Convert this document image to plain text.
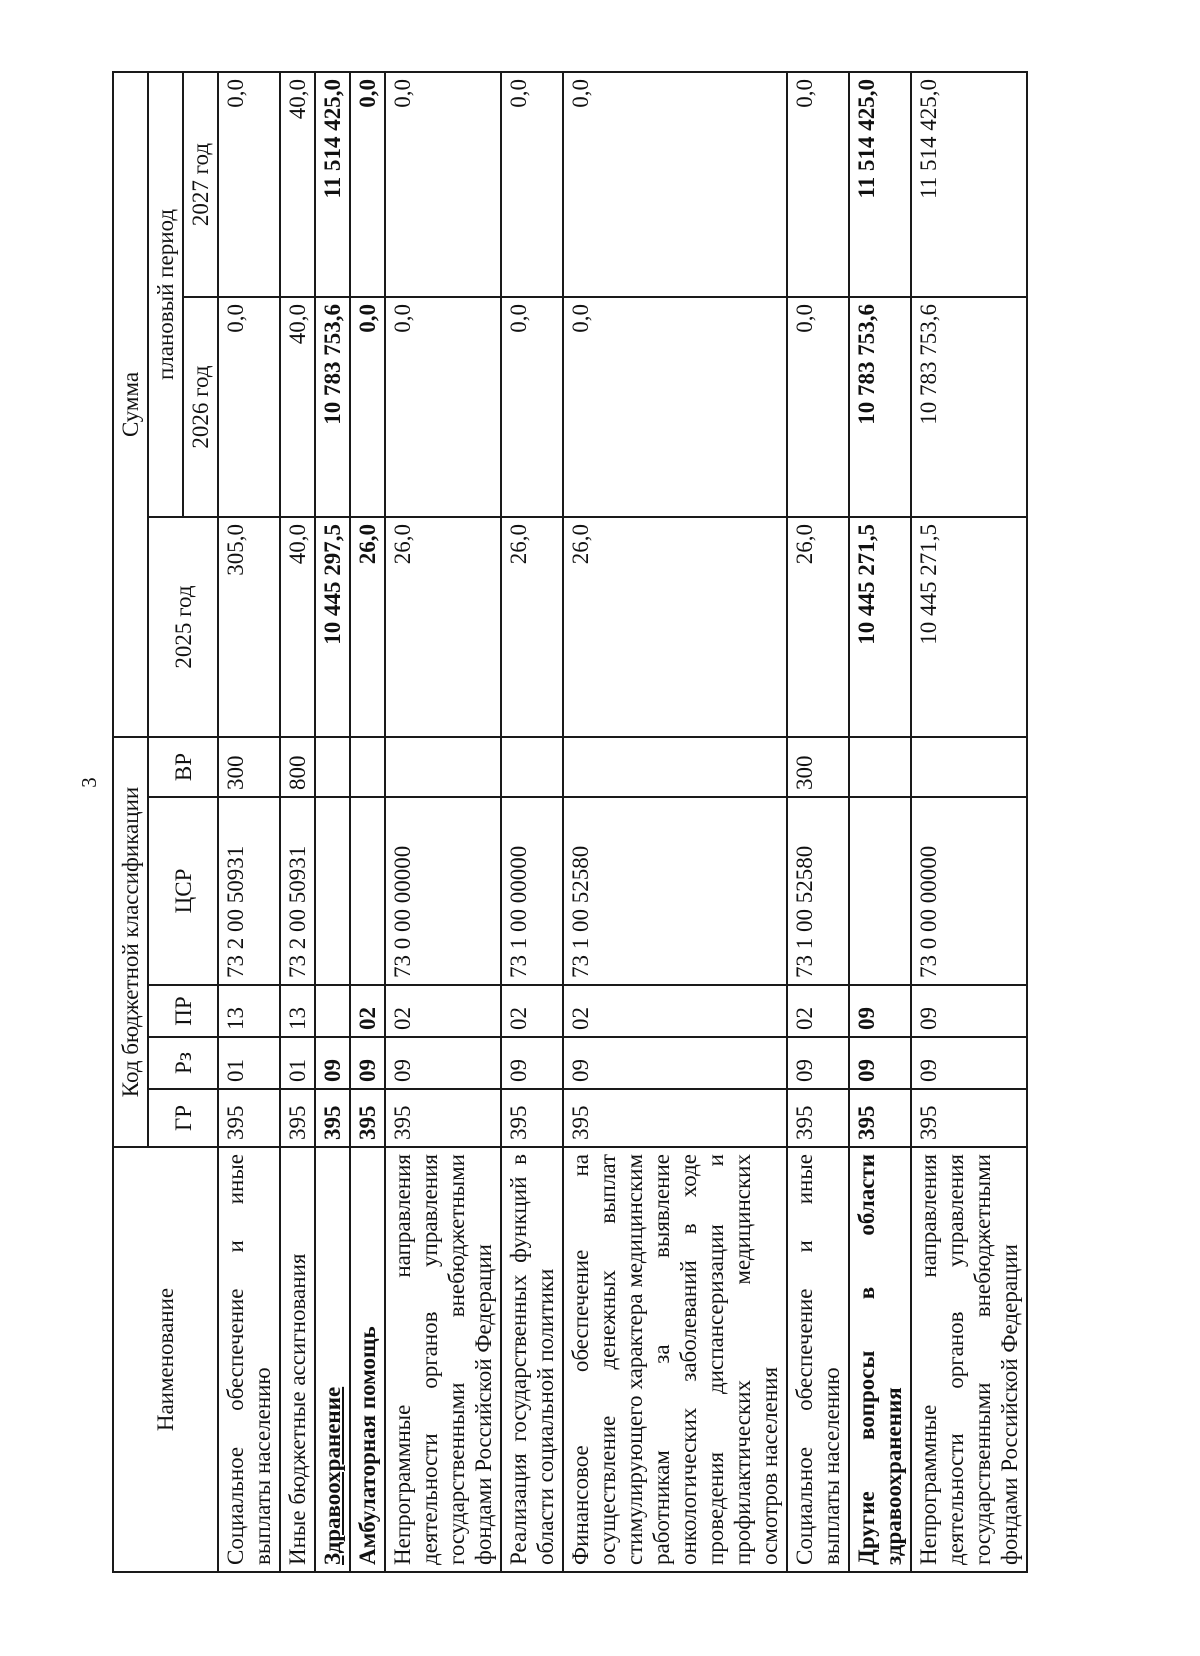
3
Наименование	Код бюджетной классификации					Сумма		
	ГР	Рз	ПР	ЦСР	ВР	2025 год	плановый период	
							2026 год	2027 год
Социальное обеспечение и иные выплаты населению	395	01	13	73 2 00 50931	300	305,0	0,0	0,0
Иные бюджетные ассигнования	395	01	13	73 2 00 50931	800	40,0	40,0	40,0
Здравоохранение	395	09				10 445 297,5	10 783 753,6	11 514 425,0
Амбулаторная помощь	395	09	02			26,0	0,0	0,0
Непрограммные направления деятельности органов управления государственными внебюджетными фондами Российской Федерации	395	09	02	73 0 00 00000		26,0	0,0	0,0
Реализация государственных функций в области социальной политики	395	09	02	73 1 00 00000		26,0	0,0	0,0
Финансовое обеспечение на осуществление денежных выплат стимулирующего характера медицинским работникам за выявление онкологических заболеваний в ходе проведения диспансеризации и профилактических медицинских осмотров населения	395	09	02	73 1 00 52580		26,0	0,0	0,0
Социальное обеспечение и иные выплаты населению	395	09	02	73 1 00 52580	300	26,0	0,0	0,0
Другие вопросы в области здравоохранения	395	09	09			10 445 271,5	10 783 753,6	11 514 425,0
Непрограммные направления деятельности органов управления государственными внебюджетными фондами Российской Федерации	395	09	09	73 0 00 00000		10 445 271,5	10 783 753,6	11 514 425,0
